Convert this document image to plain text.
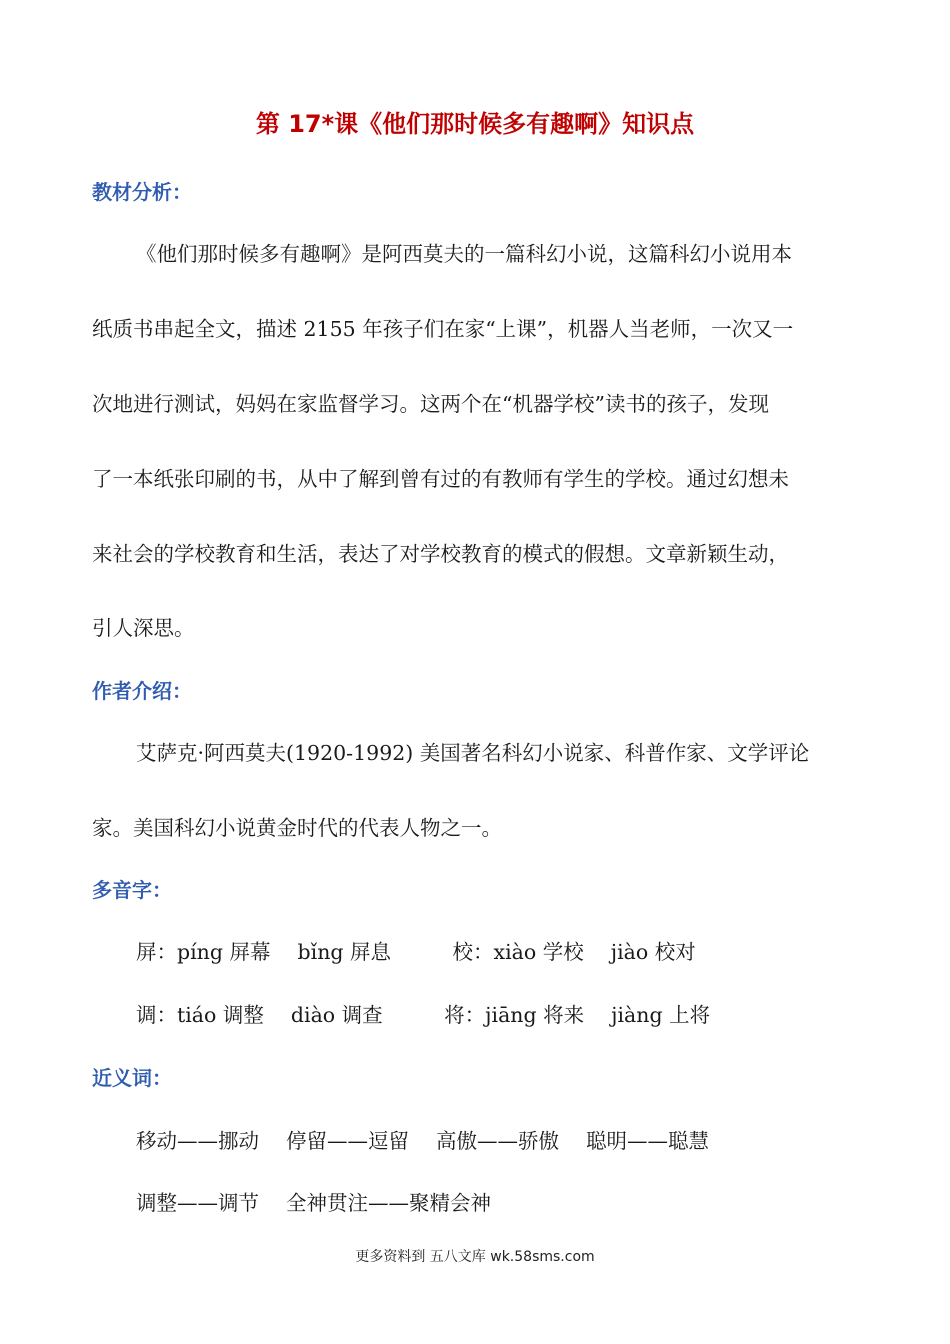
第 17*课《他们那时候多有趣啊》知识点
教材分析：
《他们那时候多有趣啊》是阿西莫夫的一篇科幻小说，这篇科幻小说用本
纸质书串起全文，描述 2155 年孩子们在家“上课”，机器人当老师，一次又一
次地进行测试，妈妈在家监督学习。这两个在“机器学校”读书的孩子，发现
了一本纸张印刷的书，从中了解到曾有过的有教师有学生的学校。通过幻想未
来社会的学校教育和生活，表达了对学校教育的模式的假想。文章新颖生动，
引人深思。
作者介绍：
艾萨克·阿西莫夫(1920-1992) 美国著名科幻小说家、科普作家、文学评论
家。美国科幻小说黄金时代的代表人物之一。
多音字：
屏：píng 屏幕　 bǐng 屏息　　　校：xiào 学校　 jiào 校对
调：tiáo 调整　 diào 调查　　　将：jiāng 将来　 jiàng 上将
近义词：
移动——挪动　 停留——逗留　 高傲——骄傲　 聪明——聪慧
调整——调节　 全神贯注——聚精会神
更多资料到 五八文库 wk.58sms.com
